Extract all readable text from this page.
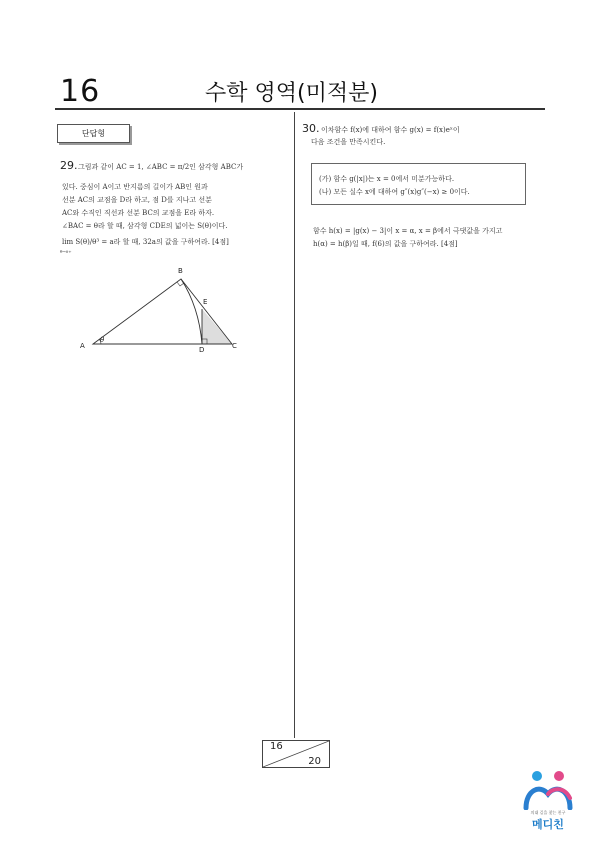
16	수학 영역(미적분)
단답형
29. 그림과 같이 AC = 1, ∠ABC = π/2인 삼각형 ABC가
있다. 중심이 A이고 반지름의 길이가 AB인 원과
선분 AC의 교점을 D라 하고, 점 D를 지나고 선분
AC와 수직인 직선과 선분 BC의 교점을 E라 하자.
∠BAC = θ라 할 때, 삼각형 CDE의 넓이는 S(θ)이다.
lim S(θ)/θ³ = a라 할 때, 32a의 값을 구하여라. [4점]
θ→0+
A
B
C
D
E
θ
30. 이차함수 f(x)에 대하여 함수 g(x) = f(x)eˣ이
다음 조건을 만족시킨다.
(가) 함수 g(|x|)는 x = 0에서 미분가능하다.
(나) 모든 실수 x에 대하여 g″(x)g″(−x) ≥ 0이다.
함수 h(x) = |g(x) − 3|이 x = α, x = β에서 극댓값을 가지고
h(α) = h(β)일 때, f(6)의 값을 구하여라. [4점]
16
20
의대 길을 찾는 친구
메디친
